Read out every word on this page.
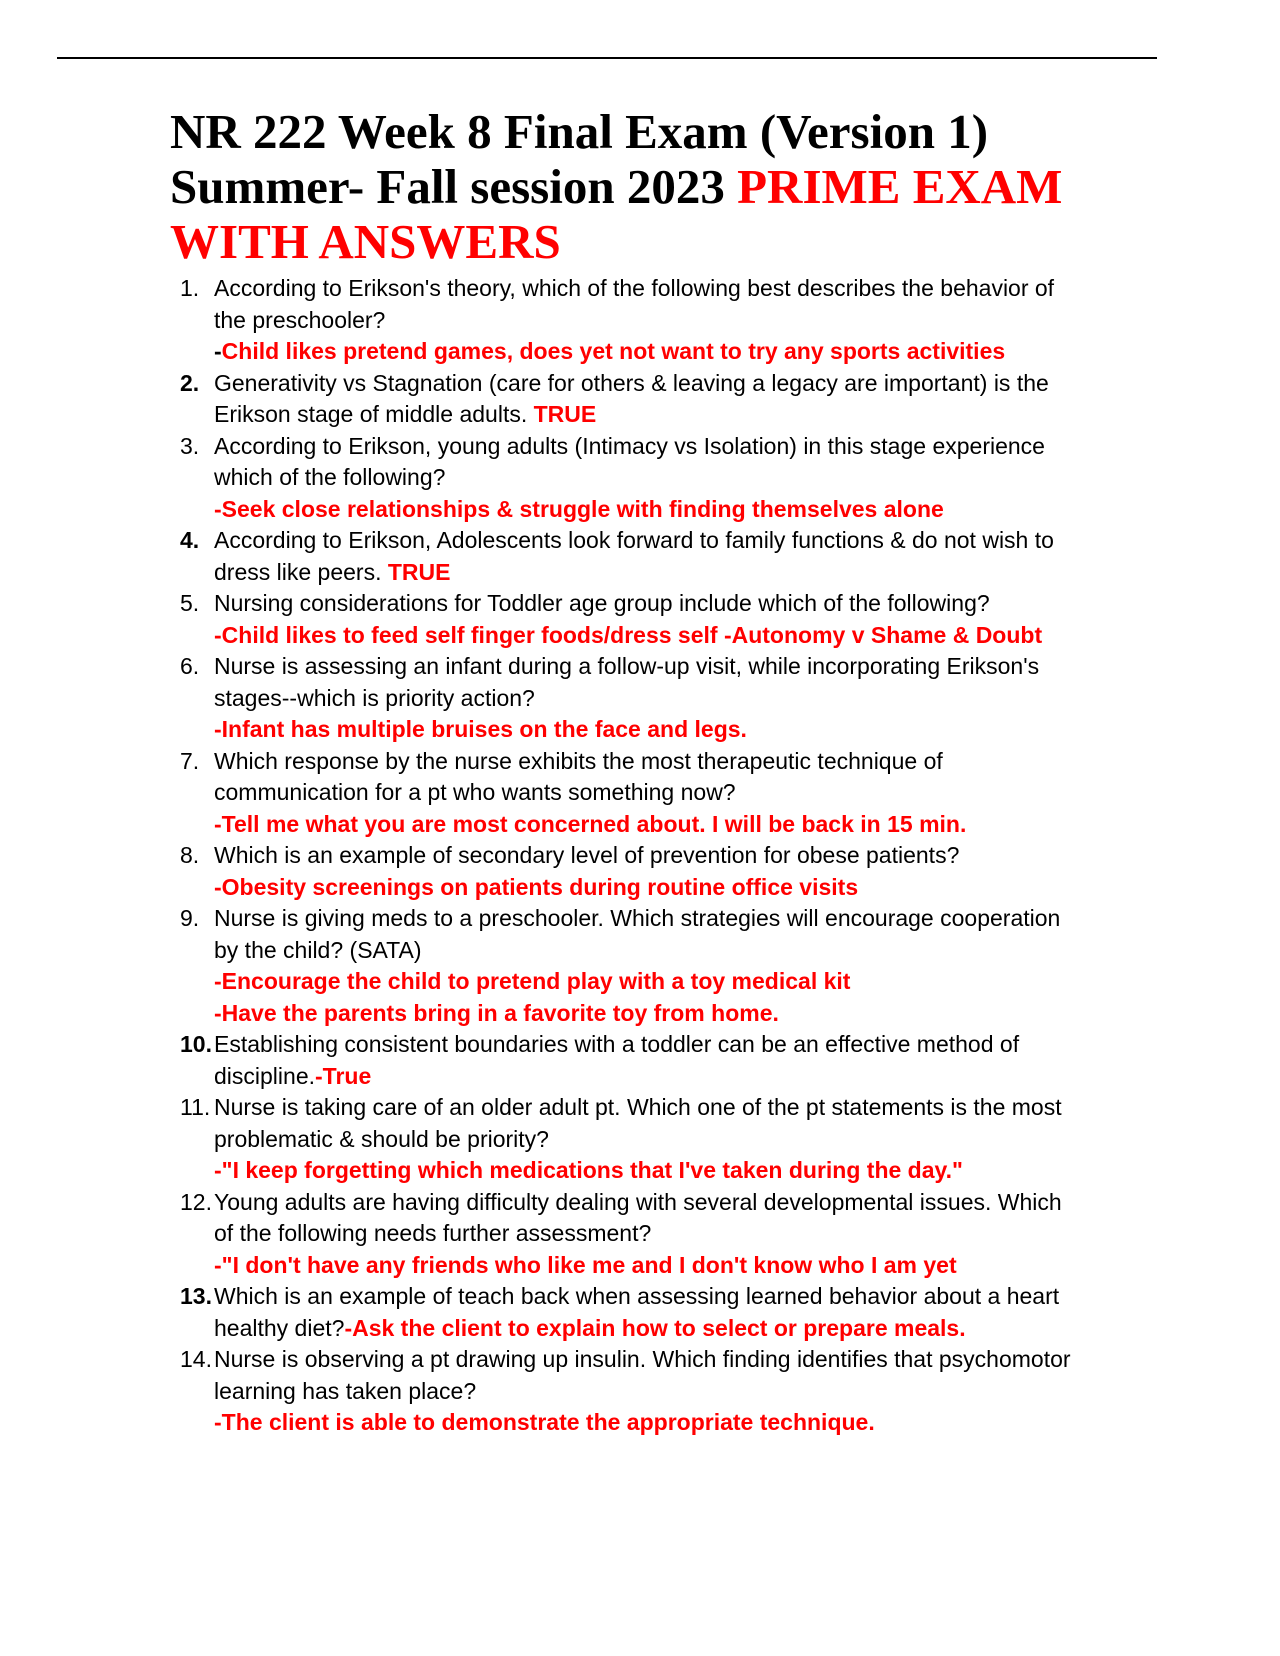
NR 222 Week 8 Final Exam (Version 1) Summer- Fall session 2023 PRIME EXAM WITH ANSWERS
1. According to Erikson's theory, which of the following best describes the behavior of the preschooler?
-Child likes pretend games, does yet not want to try any sports activities
2. Generativity vs Stagnation (care for others & leaving a legacy are important) is the Erikson stage of middle adults. TRUE
3. According to Erikson, young adults (Intimacy vs Isolation) in this stage experience which of the following?
-Seek close relationships & struggle with finding themselves alone
4. According to Erikson, Adolescents look forward to family functions & do not wish to dress like peers. TRUE
5. Nursing considerations for Toddler age group include which of the following?
-Child likes to feed self finger foods/dress self -Autonomy v Shame & Doubt
6. Nurse is assessing an infant during a follow-up visit, while incorporating Erikson's stages--which is priority action?
-Infant has multiple bruises on the face and legs.
7. Which response by the nurse exhibits the most therapeutic technique of communication for a pt who wants something now?
-Tell me what you are most concerned about. I will be back in 15 min.
8. Which is an example of secondary level of prevention for obese patients?
-Obesity screenings on patients during routine office visits
9. Nurse is giving meds to a preschooler. Which strategies will encourage cooperation by the child? (SATA)
-Encourage the child to pretend play with a toy medical kit
-Have the parents bring in a favorite toy from home.
10. Establishing consistent boundaries with a toddler can be an effective method of discipline.-True
11. Nurse is taking care of an older adult pt. Which one of the pt statements is the most problematic & should be priority?
-"I keep forgetting which medications that I've taken during the day."
12. Young adults are having difficulty dealing with several developmental issues. Which of the following needs further assessment?
-"I don't have any friends who like me and I don't know who I am yet
13. Which is an example of teach back when assessing learned behavior about a heart healthy diet?-Ask the client to explain how to select or prepare meals.
14. Nurse is observing a pt drawing up insulin. Which finding identifies that psychomotor learning has taken place?
-The client is able to demonstrate the appropriate technique.
